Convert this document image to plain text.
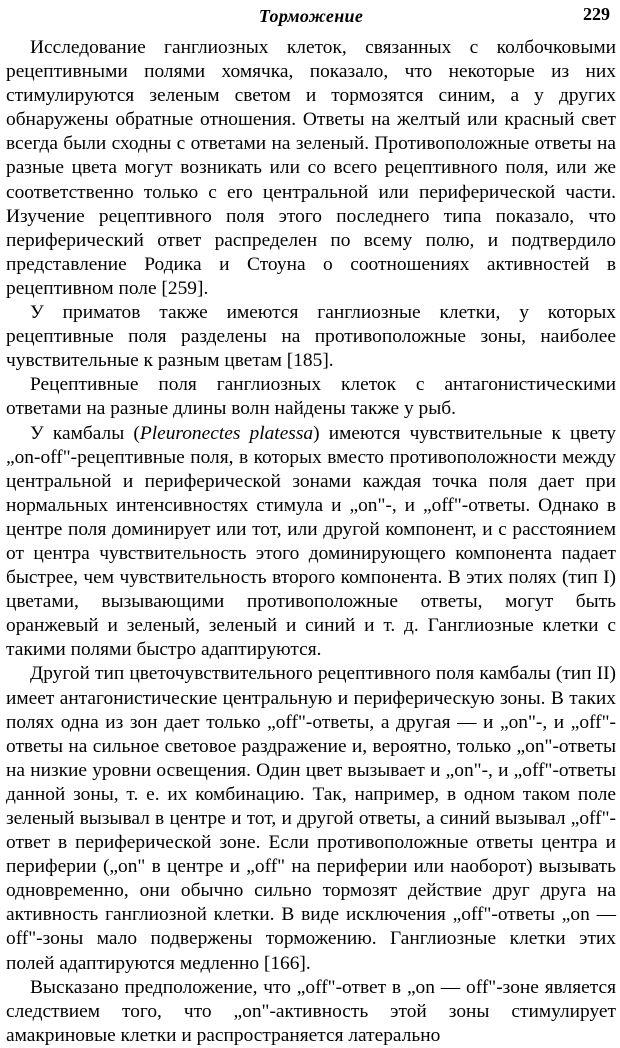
Торможение	229

Исследование ганглиозных клеток, связанных с колбочковыми рецептивными полями хомячка, показало, что некоторые из них стимулируются зеленым светом и тормозятся синим, а у других обнаружены обратные отношения. Ответы на желтый или красный свет всегда были сходны с ответами на зеленый. Противоположные ответы на разные цвета могут возникать или со всего рецептивного поля, или же соответственно только с его центральной или периферической части. Изучение рецептивного поля этого последнего типа показало, что периферический ответ распределен по всему полю, и подтвердило представление Родика и Стоуна о соотношениях активностей в рецептивном поле [259].

У приматов также имеются ганглиозные клетки, у которых рецептивные поля разделены на противоположные зоны, наиболее чувствительные к разным цветам [185].

Рецептивные поля ганглиозных клеток с антагонистическими ответами на разные длины волн найдены также у рыб.

У камбалы (Pleuronectes platessa) имеются чувствительные к цвету „on-off"-рецептивные поля, в которых вместо противоположности между центральной и периферической зонами каждая точка поля дает при нормальных интенсивностях стимула и „on"-, и „off"-ответы. Однако в центре поля доминирует или тот, или другой компонент, и с расстоянием от центра чувствительность этого доминирующего компонента падает быстрее, чем чувствительность второго компонента. В этих полях (тип I) цветами, вызывающими противоположные ответы, могут быть оранжевый и зеленый, зеленый и синий и т. д. Ганглиозные клетки с такими полями быстро адаптируются.

Другой тип цветочувствительного рецептивного поля камбалы (тип II) имеет антагонистические центральную и периферическую зоны. В таких полях одна из зон дает только „off"-ответы, а другая — и „on"-, и „off"-ответы на сильное световое раздражение и, вероятно, только „on"-ответы на низкие уровни освещения. Один цвет вызывает и „on"-, и „off"-ответы данной зоны, т. е. их комбинацию. Так, например, в одном таком поле зеленый вызывал в центре и тот, и другой ответы, а синий вызывал „off"-ответ в периферической зоне. Если противоположные ответы центра и периферии („on" в центре и „off" на периферии или наоборот) вызывать одновременно, они обычно сильно тормозят действие друг друга на активность ганглиозной клетки. В виде исключения „off"-ответы „on — off"-зоны мало подвержены торможению. Ганглиозные клетки этих полей адаптируются медленно [166].

Высказано предположение, что „off"-ответ в „on — off"-зоне является следствием того, что „on"-активность этой зоны стимулирует амакриновые клетки и распространяется латерально
